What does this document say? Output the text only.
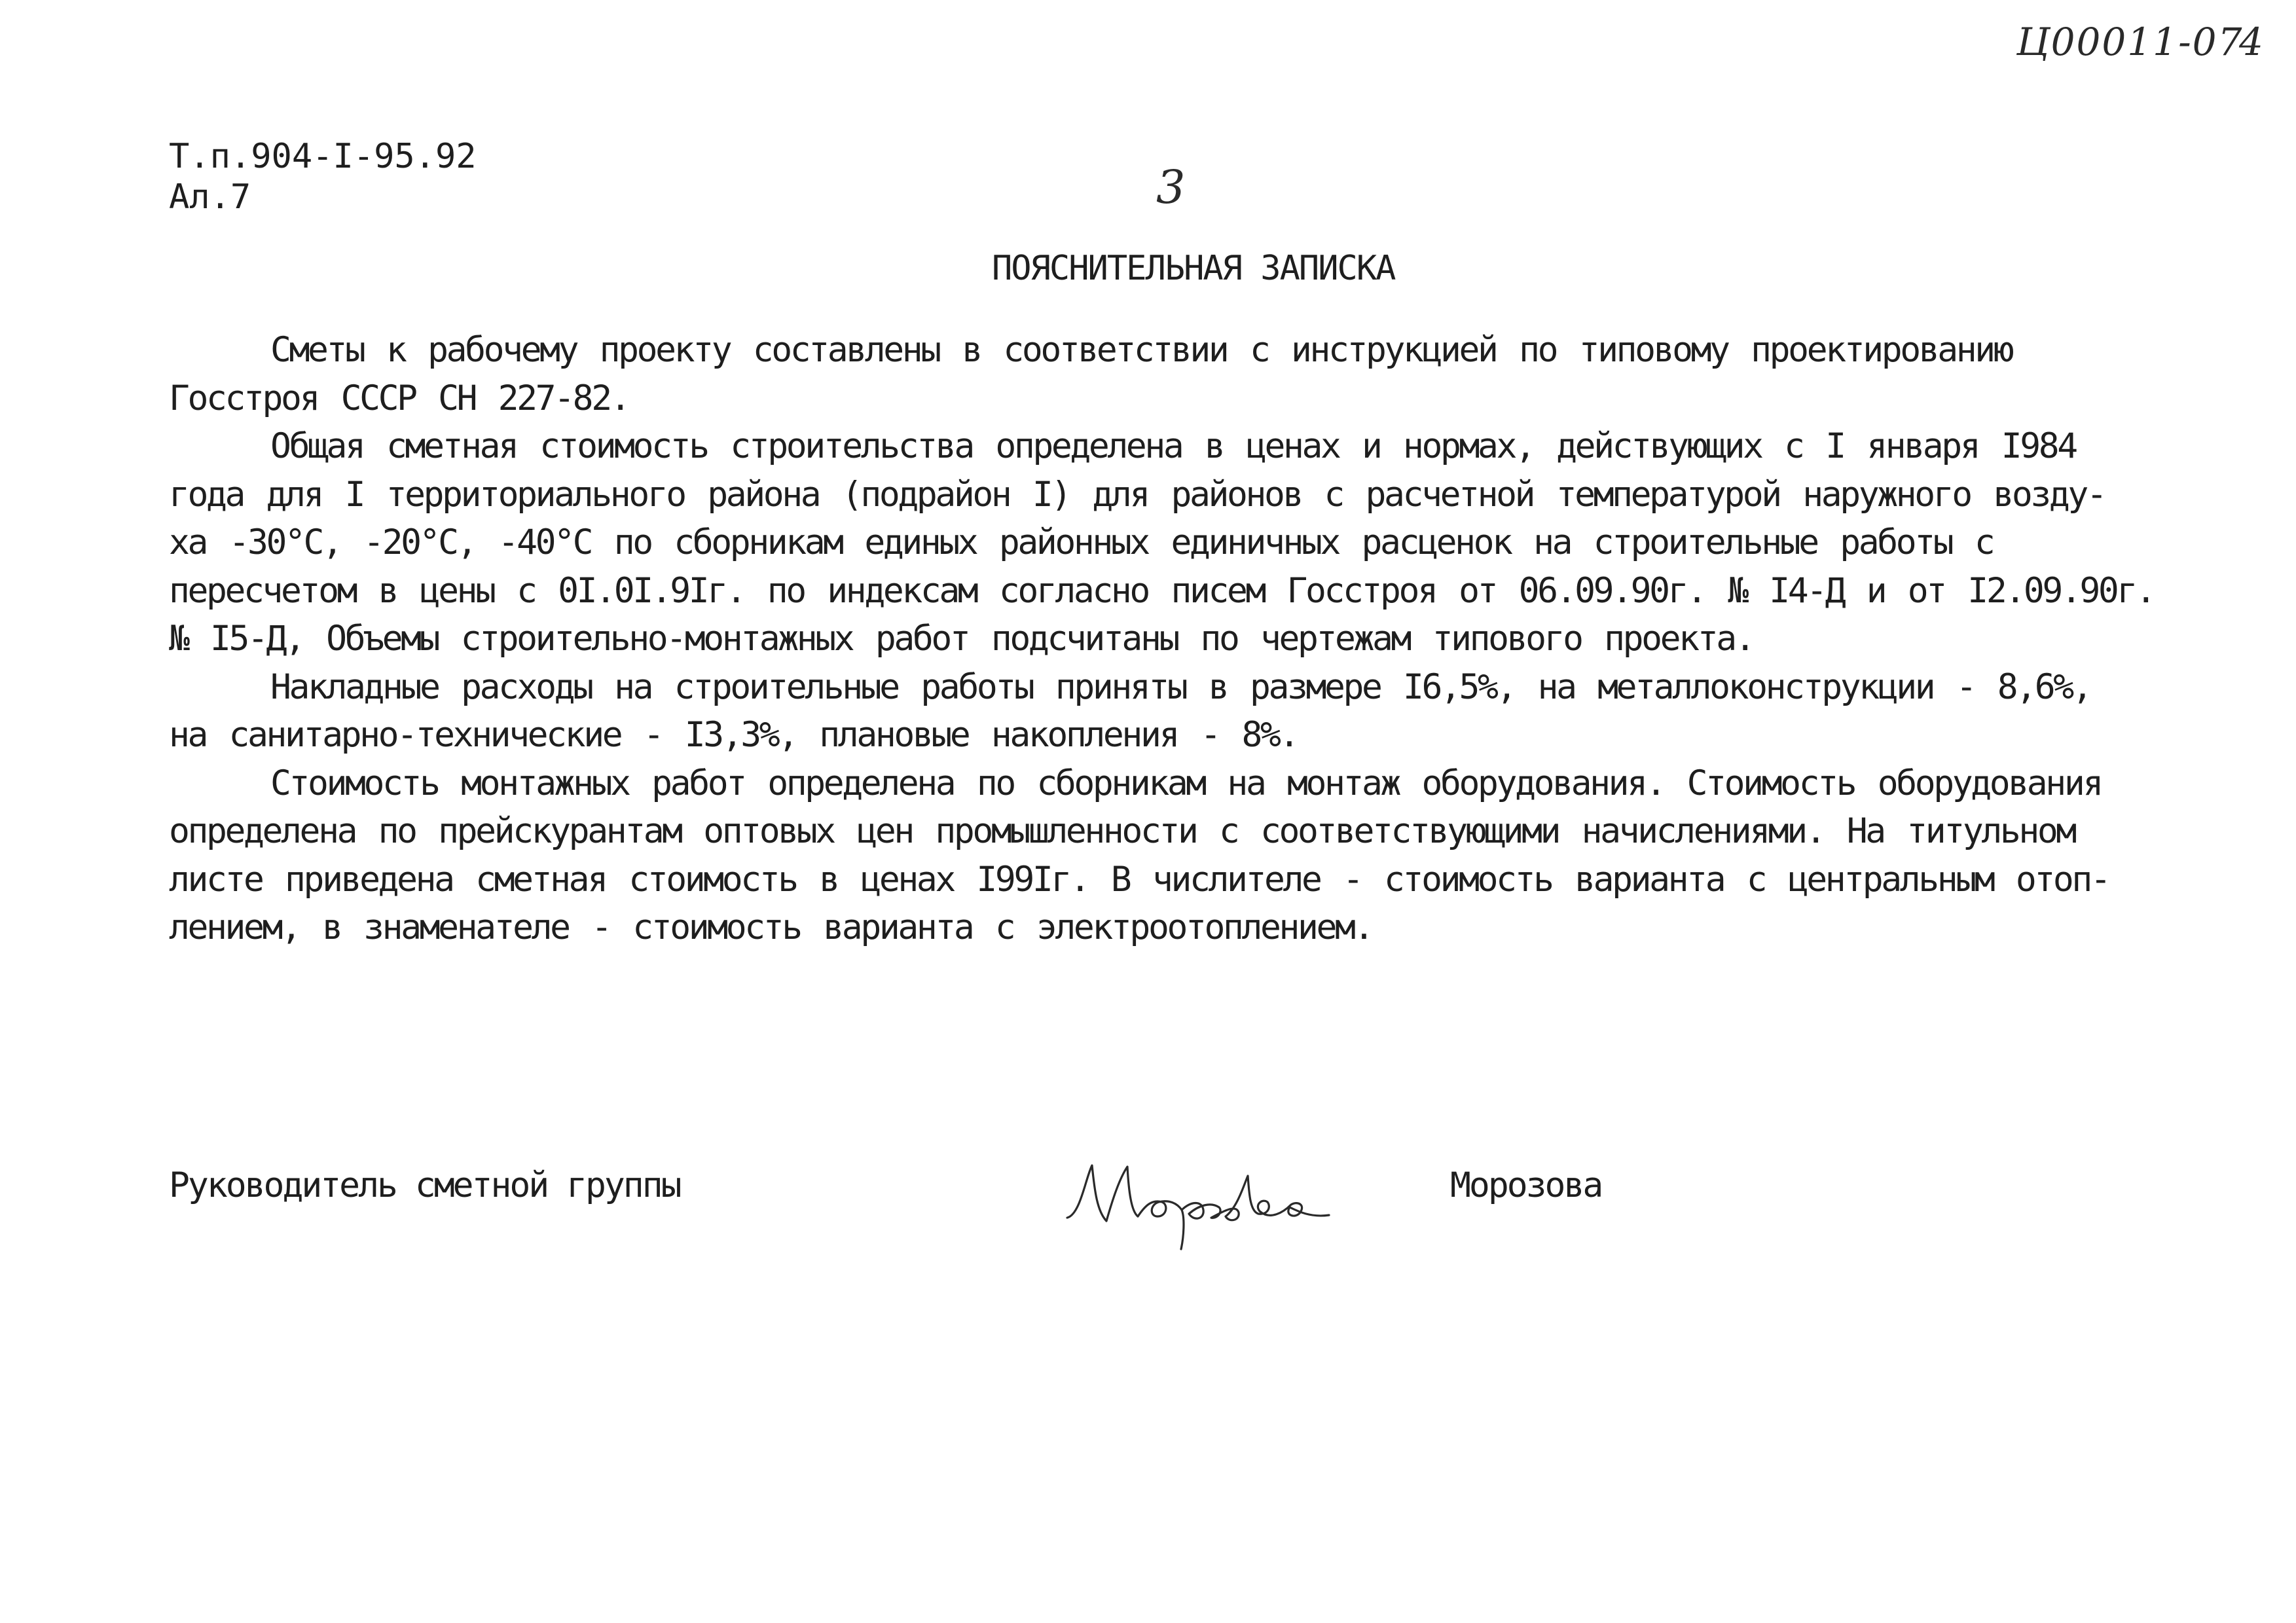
Ц00011-07
4
Т.п.904-I-95.92
Ал.7	3
ПОЯСНИТЕЛЬНАЯ ЗАПИСКА
Сметы к рабочему проекту составлены в соответствии с инструкцией по типовому проектированию
Госстроя СССР СН 227-82.
Общая сметная стоимость строительства определена в ценах и нормах, действующих с I января I984
года для I территориального района (подрайон I) для районов с расчетной температурой наружного возду-
ха -30°С, -20°С, -40°С по сборникам единых районных единичных расценок на строительные работы с
пересчетом в цены с 0I.0I.9Iг. по индексам согласно писем Госстроя от 06.09.90г. № I4-Д и от I2.09.90г.
№ I5-Д, Объемы строительно-монтажных работ подсчитаны по чертежам типового проекта.
Накладные расходы на строительные работы приняты в размере I6,5%, на металлоконструкции - 8,6%,
на санитарно-технические - I3,3%, плановые накопления - 8%.
Стоимость монтажных работ определена по сборникам на монтаж оборудования. Стоимость оборудования
определена по прейскурантам оптовых цен промышленности с соответствующими начислениями. На титульном
листе приведена сметная стоимость в ценах I99Iг. В числителе - стоимость варианта с центральным отоп-
лением, в знаменателе - стоимость варианта с электроотоплением.
Руководитель сметной группы	Морозова
